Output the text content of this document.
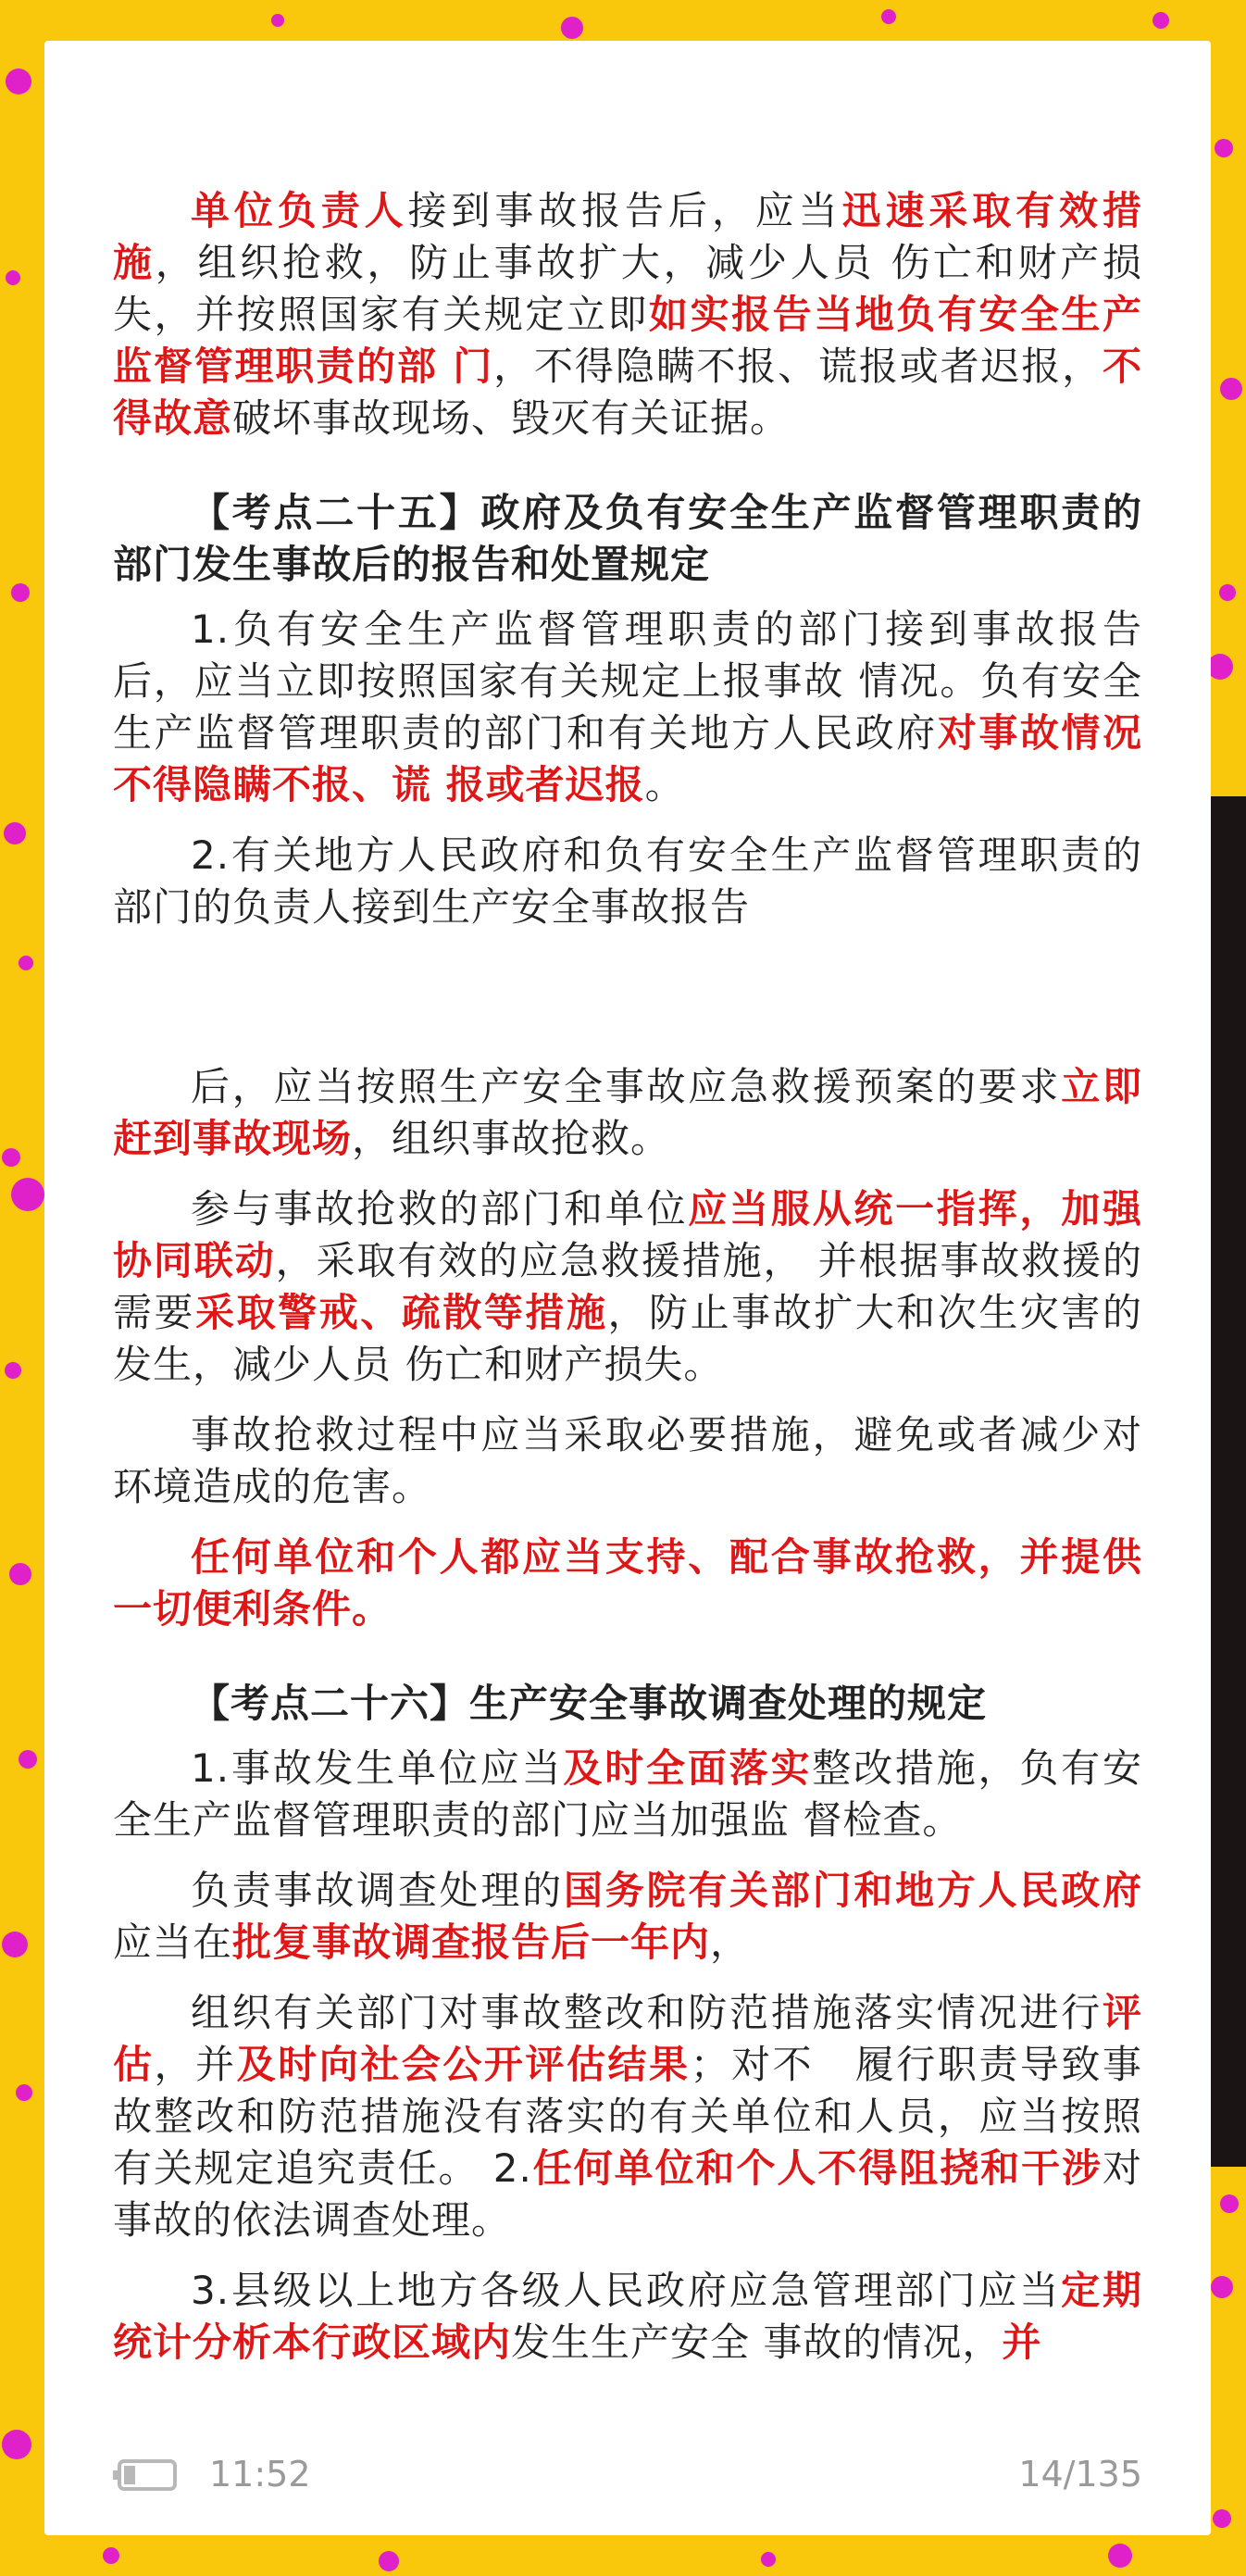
单位负责人接到事故报告后，应当迅速采取有效措施，组织抢救，防止事故扩大，减少人员 伤亡和财产损失，并按照国家有关规定立即如实报告当地负有安全生产监督管理职责的部 门，不得隐瞒不报、谎报或者迟报，不得故意破坏事故现场、毁灭有关证据。

【考点二十五】政府及负有安全生产监督管理职责的部门发生事故后的报告和处置规定

1.负有安全生产监督管理职责的部门接到事故报告后，应当立即按照国家有关规定上报事故 情况。负有安全生产监督管理职责的部门和有关地方人民政府对事故情况不得隐瞒不报、谎 报或者迟报。

2.有关地方人民政府和负有安全生产监督管理职责的部门的负责人接到生产安全事故报告

后，应当按照生产安全事故应急救援预案的要求立即赶到事故现场，组织事故抢救。

参与事故抢救的部门和单位应当服从统一指挥，加强协同联动，采取有效的应急救援措施， 并根据事故救援的需要采取警戒、疏散等措施，防止事故扩大和次生灾害的发生，减少人员 伤亡和财产损失。

事故抢救过程中应当采取必要措施，避免或者减少对环境造成的危害。

任何单位和个人都应当支持、配合事故抢救，并提供一切便利条件。

【考点二十六】生产安全事故调查处理的规定

1.事故发生单位应当及时全面落实整改措施，负有安全生产监督管理职责的部门应当加强监 督检查。

负责事故调查处理的国务院有关部门和地方人民政府应当在批复事故调查报告后一年内，

组织有关部门对事故整改和防范措施落实情况进行评估，并及时向社会公开评估结果；对不　履行职责导致事故整改和防范措施没有落实的有关单位和人员，应当按照有关规定追究责任。 2.任何单位和个人不得阻挠和干涉对事故的依法调查处理。

3.县级以上地方各级人民政府应急管理部门应当定期统计分析本行政区域内发生生产安全 事故的情况，并

11:52	14/135
